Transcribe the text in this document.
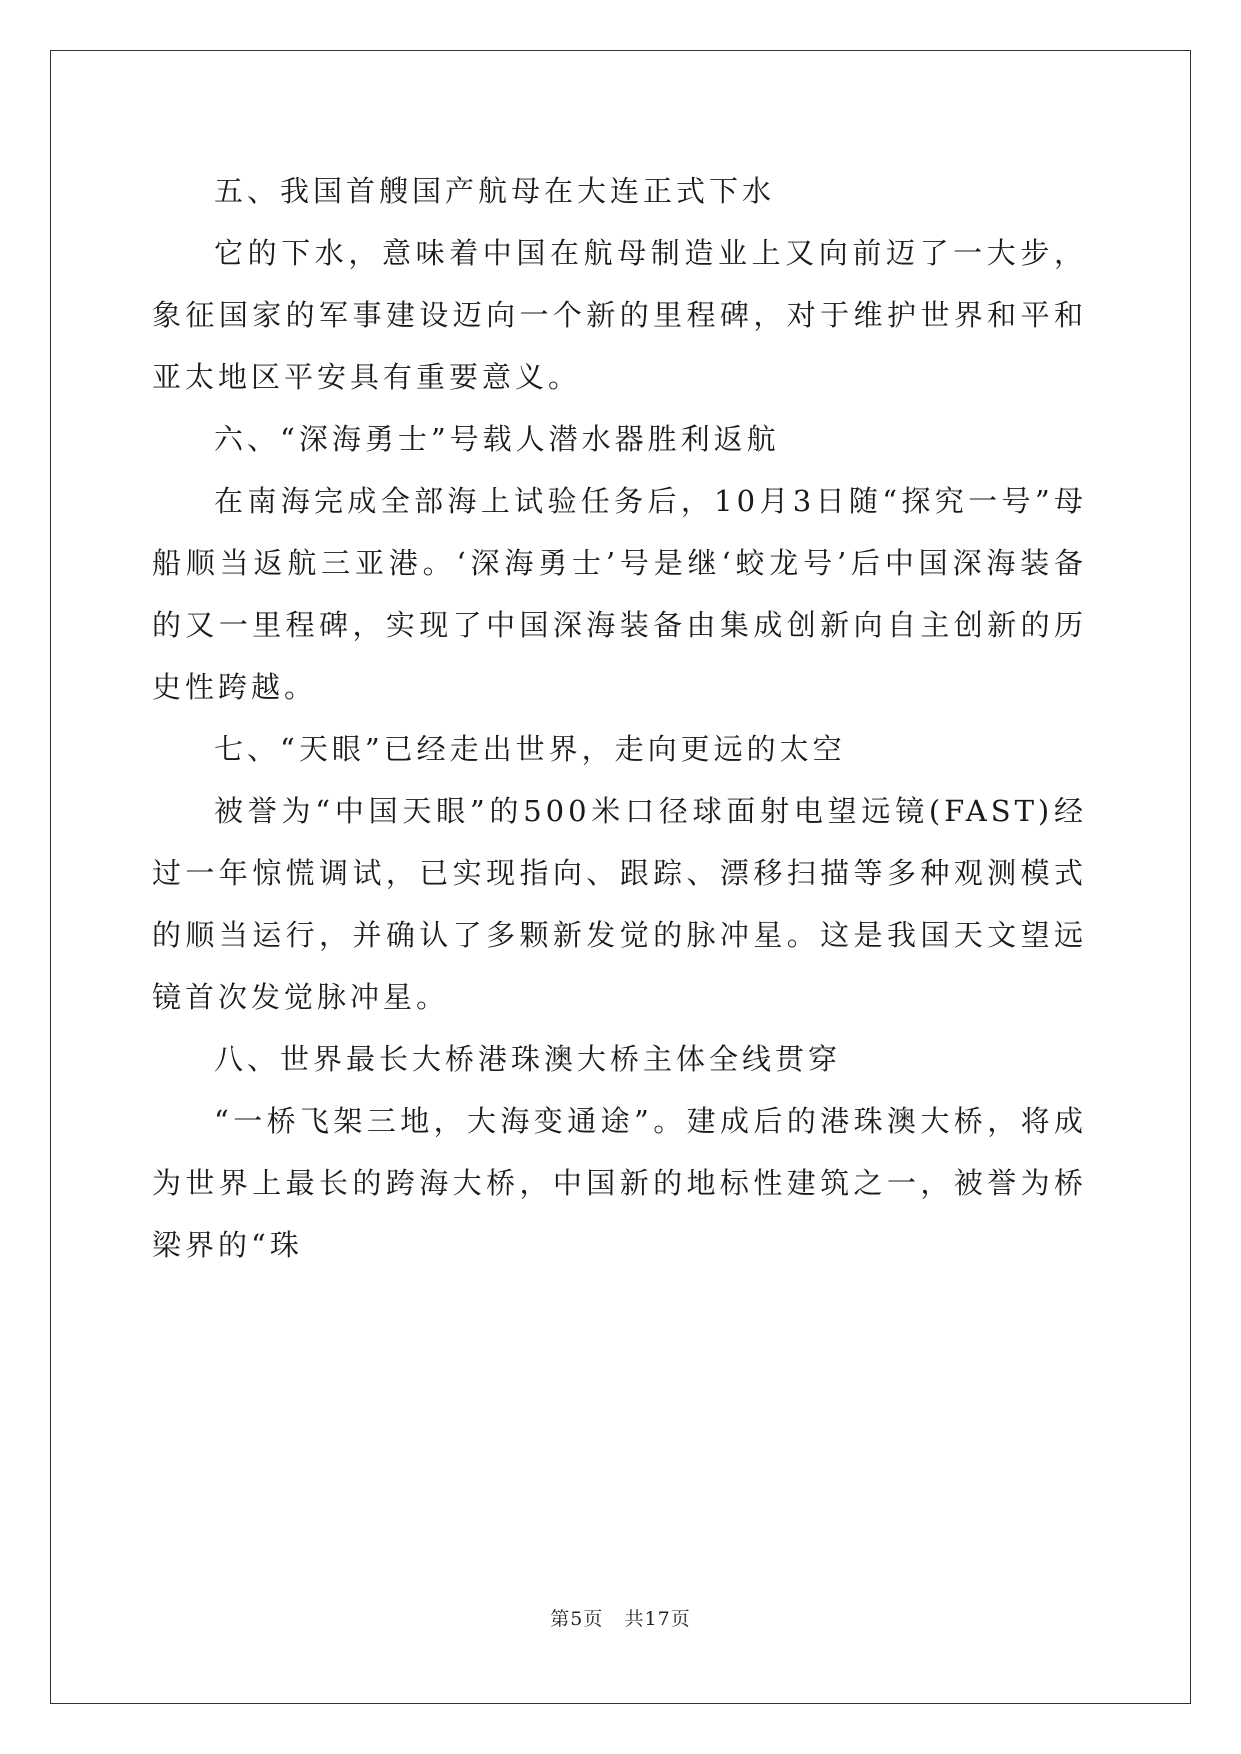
五、我国首艘国产航母在大连正式下水

它的下水，意味着中国在航母制造业上又向前迈了一大步，象征国家的军事建设迈向一个新的里程碑，对于维护世界和平和亚太地区平安具有重要意义。

六、“深海勇士”号载人潜水器胜利返航

在南海完成全部海上试验任务后，10月3日随“探究一号”母船顺当返航三亚港。‘深海勇士’号是继‘蛟龙号’后中国深海装备的又一里程碑，实现了中国深海装备由集成创新向自主创新的历史性跨越。

七、“天眼”已经走出世界，走向更远的太空

被誉为“中国天眼”的500米口径球面射电望远镜(FAST)经过一年惊慌调试，已实现指向、跟踪、漂移扫描等多种观测模式的顺当运行，并确认了多颗新发觉的脉冲星。这是我国天文望远镜首次发觉脉冲星。

八、世界最长大桥港珠澳大桥主体全线贯穿

“一桥飞架三地，大海变通途”。建成后的港珠澳大桥，将成为世界上最长的跨海大桥，中国新的地标性建筑之一，被誉为桥梁界的“珠

第5页 共17页
